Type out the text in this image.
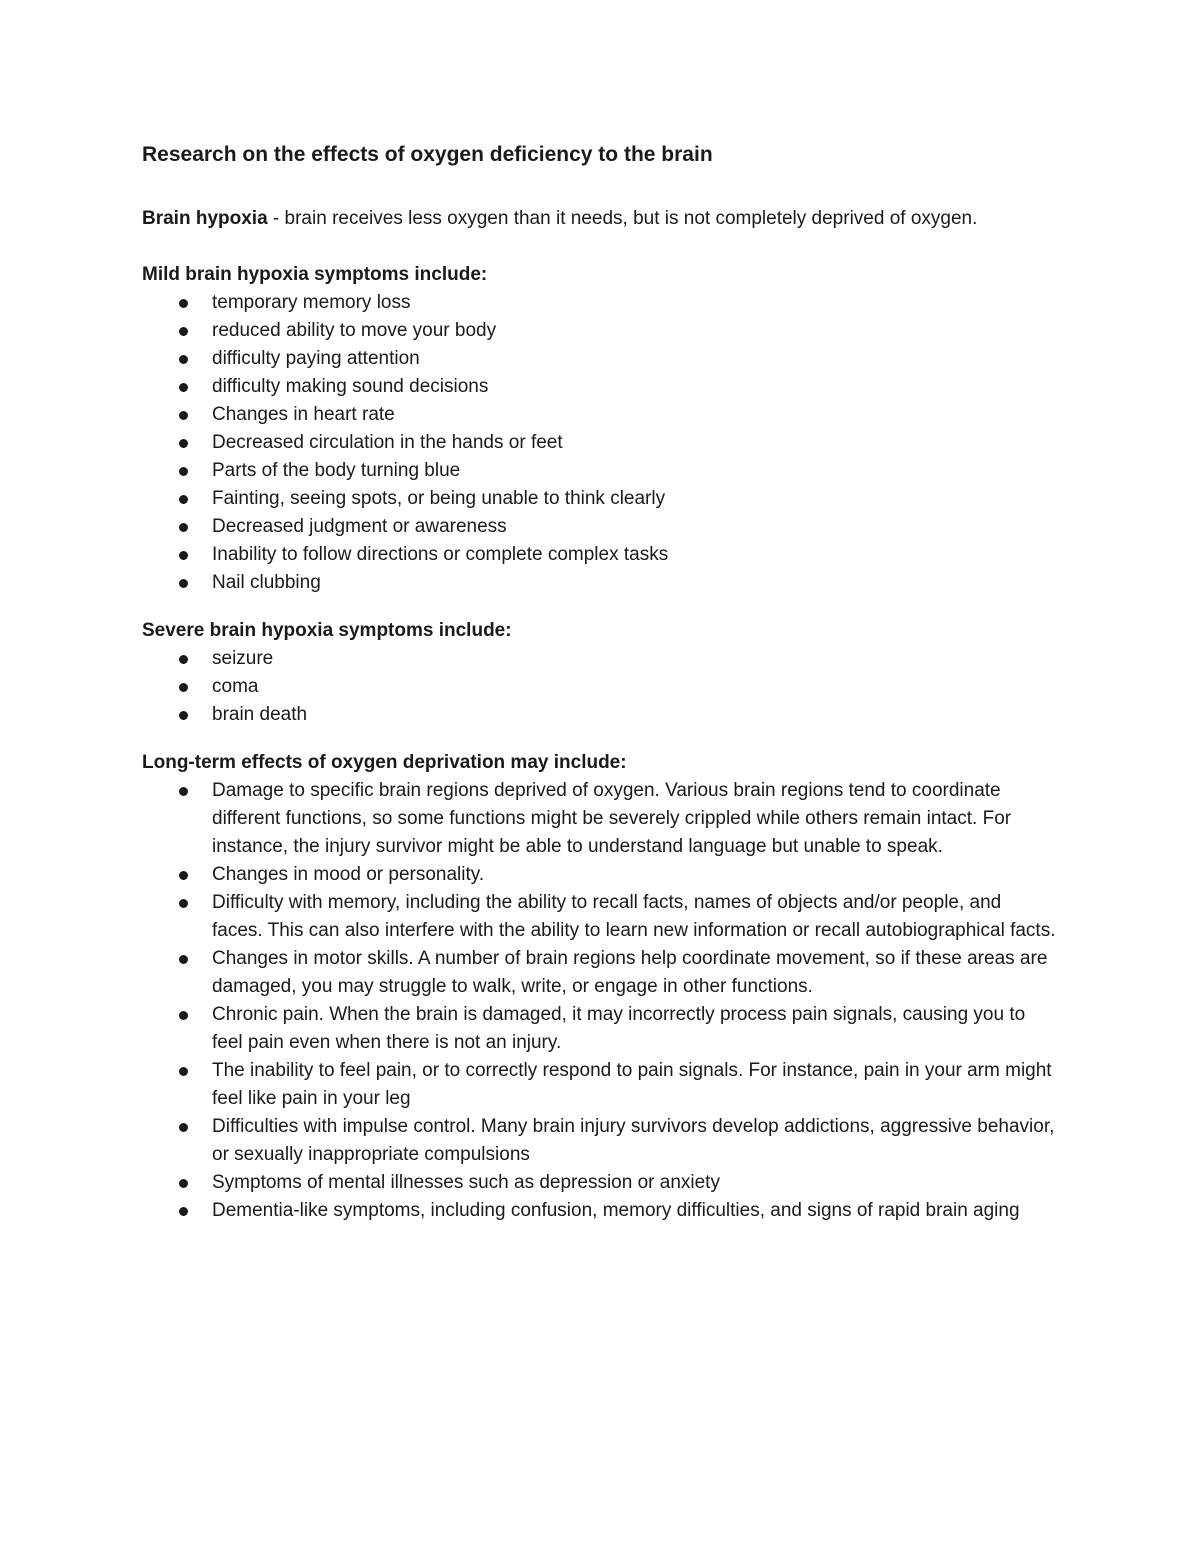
Research on the effects of oxygen deficiency to the brain

Brain hypoxia - brain receives less oxygen than it needs, but is not completely deprived of oxygen.

Mild brain hypoxia symptoms include:

temporary memory loss
reduced ability to move your body
difficulty paying attention
difficulty making sound decisions
Changes in heart rate
Decreased circulation in the hands or feet
Parts of the body turning blue
Fainting, seeing spots, or being unable to think clearly
Decreased judgment or awareness
Inability to follow directions or complete complex tasks
Nail clubbing

Severe brain hypoxia symptoms include:

seizure
coma
brain death

Long-term effects of oxygen deprivation may include:

Damage to specific brain regions deprived of oxygen. Various brain regions tend to coordinate different functions, so some functions might be severely crippled while others remain intact. For instance, the injury survivor might be able to understand language but unable to speak.
Changes in mood or personality.
Difficulty with memory, including the ability to recall facts, names of objects and/or people, and faces. This can also interfere with the ability to learn new information or recall autobiographical facts.
Changes in motor skills. A number of brain regions help coordinate movement, so if these areas are damaged, you may struggle to walk, write, or engage in other functions.
Chronic pain. When the brain is damaged, it may incorrectly process pain signals, causing you to feel pain even when there is not an injury.
The inability to feel pain, or to correctly respond to pain signals. For instance, pain in your arm might feel like pain in your leg
Difficulties with impulse control. Many brain injury survivors develop addictions, aggressive behavior, or sexually inappropriate compulsions
Symptoms of mental illnesses such as depression or anxiety
Dementia-like symptoms, including confusion, memory difficulties, and signs of rapid brain aging
